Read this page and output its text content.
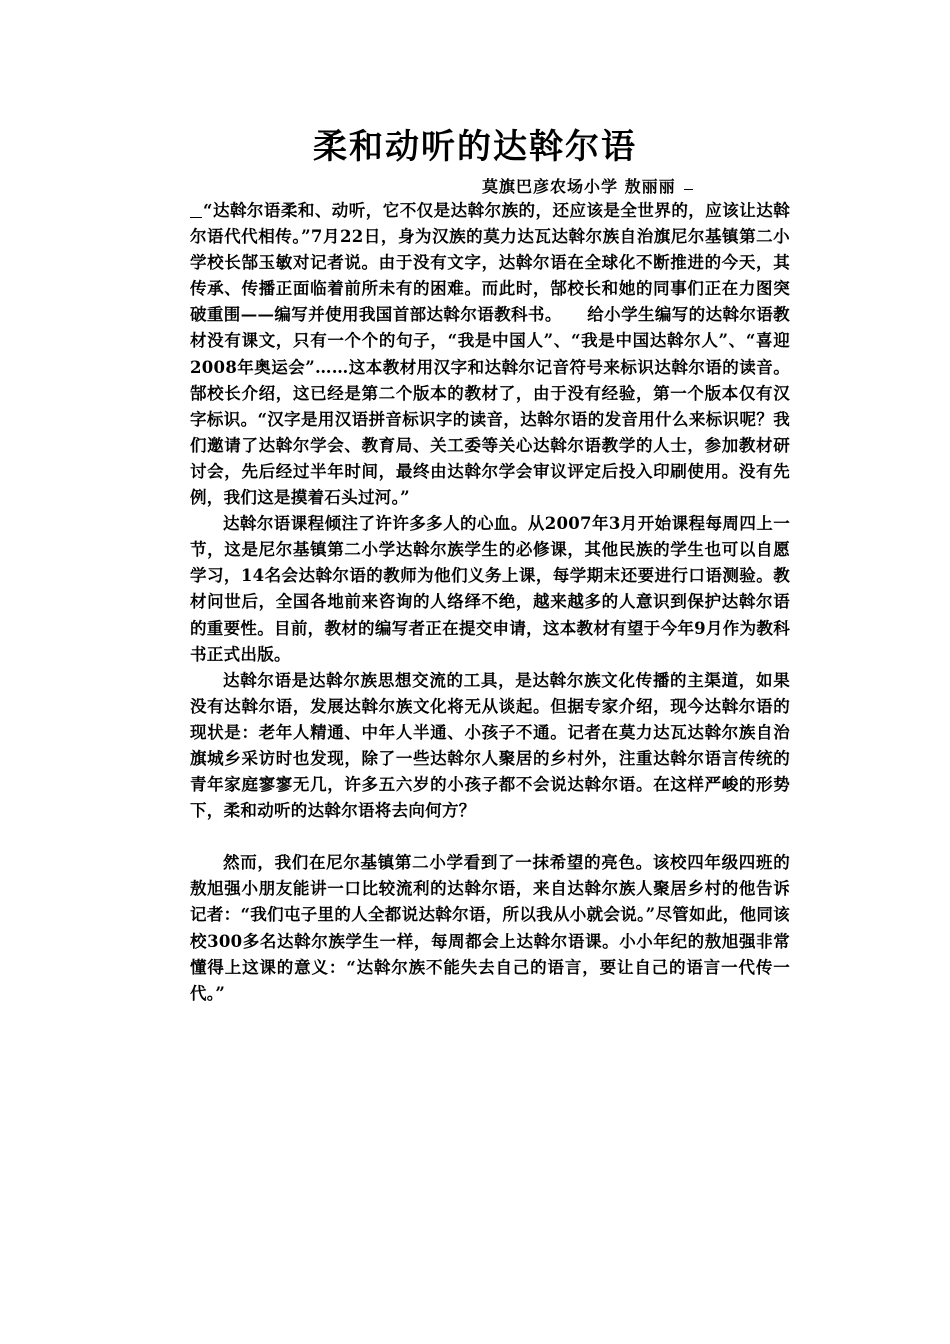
柔和动听的达斡尔语
莫旗巴彦农场小学 敖丽丽

“达斡尔语柔和、动听，它不仅是达斡尔族的，还应该是全世界的，应该让达斡尔语代代相传。”7月22日，身为汉族的莫力达瓦达斡尔族自治旗尼尔基镇第二小学校长郜玉敏对记者说。由于没有文字，达斡尔语在全球化不断推进的今天，其传承、传播正面临着前所未有的困难。而此时，郜校长和她的同事们正在力图突破重围——编写并使用我国首部达斡尔语教科书。　　给小学生编写的达斡尔语教材没有课文，只有一个个的句子，“我是中国人”、“我是中国达斡尔人”、“喜迎2008年奥运会”……这本教材用汉字和达斡尔记音符号来标识达斡尔语的读音。郜校长介绍，这已经是第二个版本的教材了，由于没有经验，第一个版本仅有汉字标识。“汉字是用汉语拼音标识字的读音，达斡尔语的发音用什么来标识呢？我们邀请了达斡尔学会、教育局、关工委等关心达斡尔语教学的人士，参加教材研讨会，先后经过半年时间，最终由达斡尔学会审议评定后投入印刷使用。没有先例，我们这是摸着石头过河。”

达斡尔语课程倾注了许许多多人的心血。从2007年3月开始课程每周四上一节，这是尼尔基镇第二小学达斡尔族学生的必修课，其他民族的学生也可以自愿学习，14名会达斡尔语的教师为他们义务上课，每学期末还要进行口语测验。教材问世后，全国各地前来咨询的人络绎不绝，越来越多的人意识到保护达斡尔语的重要性。目前，教材的编写者正在提交申请，这本教材有望于今年9月作为教科书正式出版。

达斡尔语是达斡尔族思想交流的工具，是达斡尔族文化传播的主渠道，如果没有达斡尔语，发展达斡尔族文化将无从谈起。但据专家介绍，现今达斡尔语的现状是：老年人精通、中年人半通、小孩子不通。记者在莫力达瓦达斡尔族自治旗城乡采访时也发现，除了一些达斡尔人聚居的乡村外，注重达斡尔语言传统的青年家庭寥寥无几，许多五六岁的小孩子都不会说达斡尔语。在这样严峻的形势下，柔和动听的达斡尔语将去向何方？

然而，我们在尼尔基镇第二小学看到了一抹希望的亮色。该校四年级四班的敖旭强小朋友能讲一口比较流利的达斡尔语，来自达斡尔族人聚居乡村的他告诉记者：“我们屯子里的人全都说达斡尔语，所以我从小就会说。”尽管如此，他同该校300多名达斡尔族学生一样，每周都会上达斡尔语课。小小年纪的敖旭强非常懂得上这课的意义：“达斡尔族不能失去自己的语言，要让自己的语言一代传一代。”
